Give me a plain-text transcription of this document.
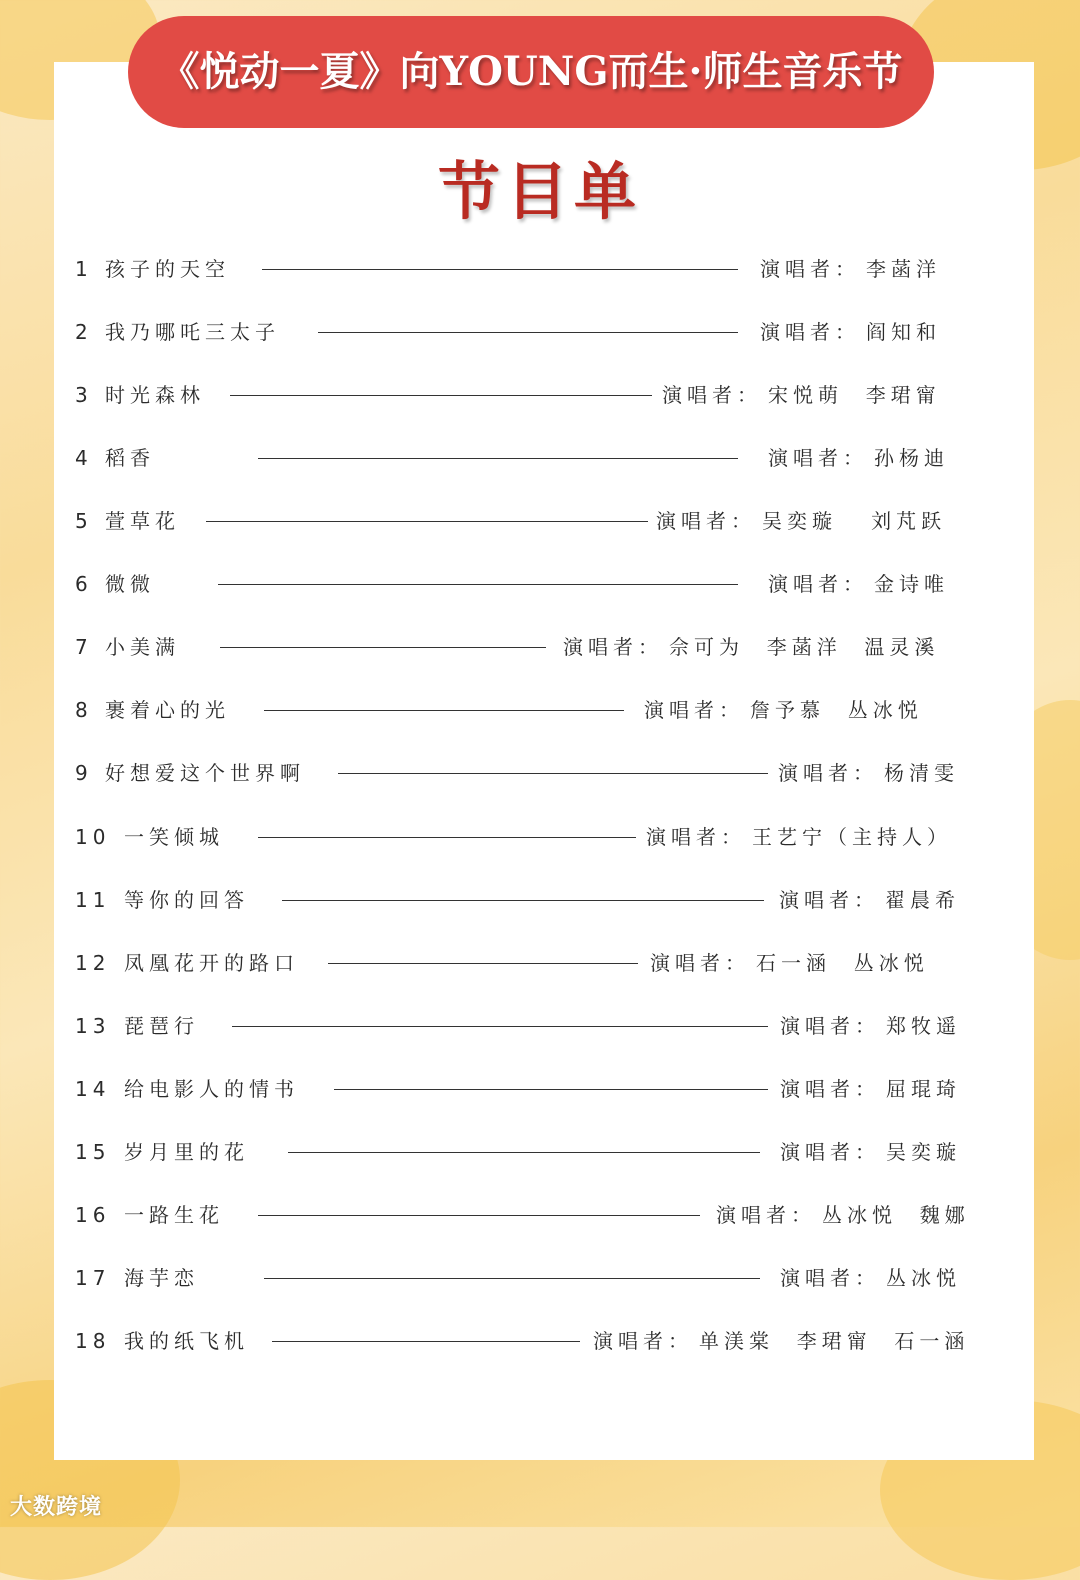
《悦动一夏》向YOUNG而生·师生音乐节
节目单
1 孩子的天空	演唱者： 李菡洋
2 我乃哪吒三太子	演唱者： 阎知和
3 时光森林	演唱者： 宋悦萌  李珺甯
4 稻香	演唱者： 孙杨迪
5 萱草花	演唱者： 吴奕璇   刘芃跃
6 微微	演唱者： 金诗唯
7 小美满	演唱者： 佘可为  李菡洋  温灵溪
8 裹着心的光	演唱者： 詹予慕  丛冰悦
9 好想爱这个世界啊	演唱者： 杨清雯
10 一笑倾城	演唱者： 王艺宁（主持人）
11 等你的回答	演唱者： 翟晨希
12 凤凰花开的路口	演唱者： 石一涵  丛冰悦
13 琵琶行	演唱者： 郑牧遥
14 给电影人的情书	演唱者： 屈琨琦
15 岁月里的花	演唱者： 吴奕璇
16 一路生花	演唱者： 丛冰悦  魏娜
17 海芋恋	演唱者： 丛冰悦
18 我的纸飞机	演唱者： 单渼棠  李珺甯  石一涵
大数跨境
